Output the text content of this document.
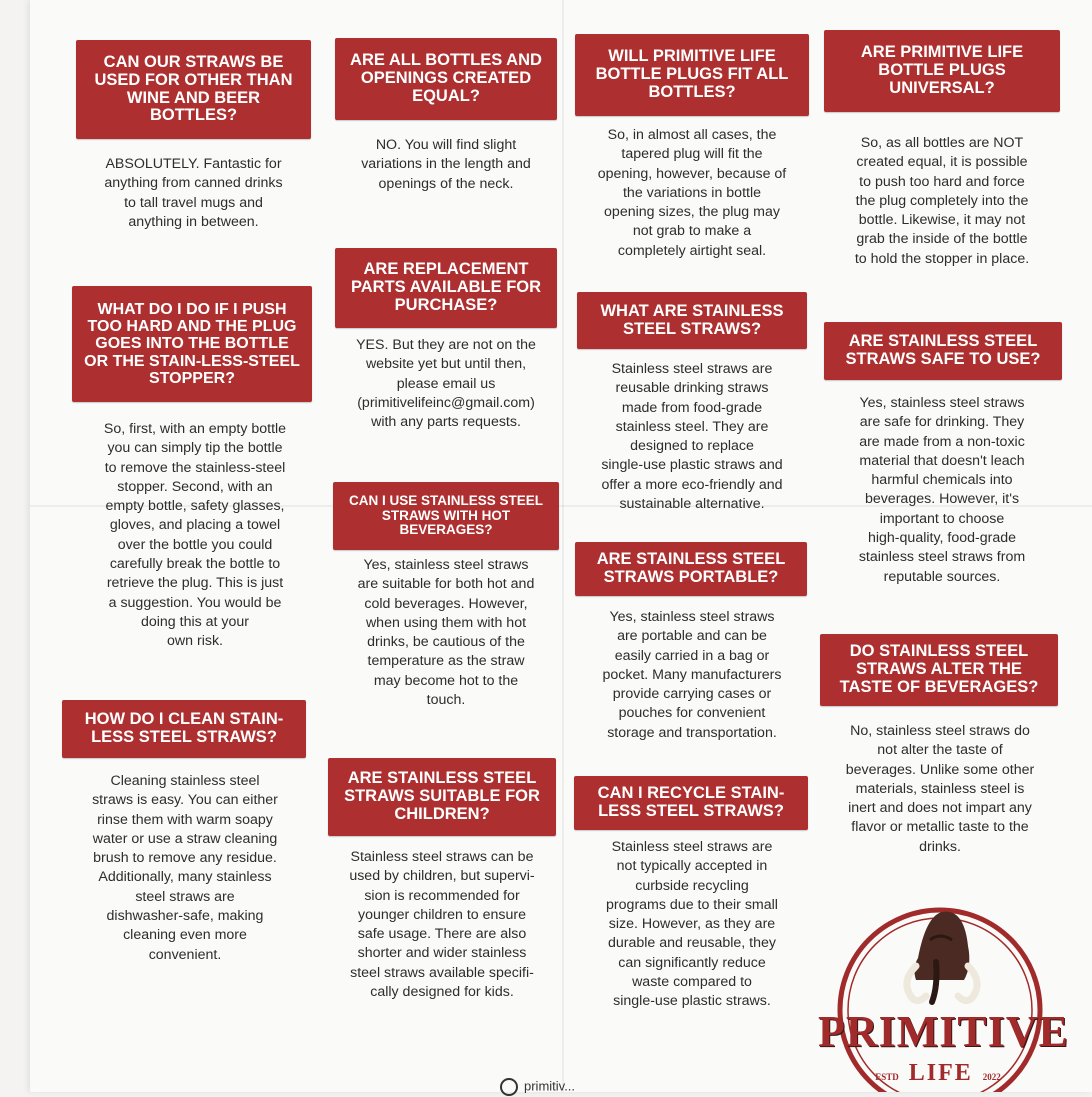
CAN OUR STRAWS BE USED FOR OTHER THAN WINE AND BEER BOTTLES?
ABSOLUTELY. Fantastic for
anything from canned drinks
to tall travel mugs and
anything in between.
WHAT DO I DO IF I PUSH TOO HARD AND THE PLUG GOES INTO THE BOTTLE OR THE STAIN-LESS-STEEL STOPPER?
So, first, with an empty bottle
you can simply tip the bottle
to remove the stainless-steel
stopper. Second, with an
empty bottle, safety glasses,
gloves, and placing a towel
over the bottle you could
carefully break the bottle to
retrieve the plug. This is just
a suggestion. You would be
doing this at your
own risk.
HOW DO I CLEAN STAIN-LESS STEEL STRAWS?
Cleaning stainless steel
straws is easy. You can either
rinse them with warm soapy
water or use a straw cleaning
brush to remove any residue.
Additionally, many stainless
steel straws are
dishwasher-safe, making
cleaning even more
convenient.
ARE ALL BOTTLES AND OPENINGS CREATED EQUAL?
NO. You will find slight
variations in the length and
openings of the neck.
ARE REPLACEMENT PARTS AVAILABLE FOR PURCHASE?
YES. But they are not on the
website yet but until then,
please email us
(primitivelifeinc@gmail.com)
with any parts requests.
CAN I USE STAINLESS STEEL STRAWS WITH HOT BEVERAGES?
Yes, stainless steel straws
are suitable for both hot and
cold beverages. However,
when using them with hot
drinks, be cautious of the
temperature as the straw
may become hot to the
touch.
ARE STAINLESS STEEL STRAWS SUITABLE FOR CHILDREN?
Stainless steel straws can be
used by children, but supervi-
sion is recommended for
younger children to ensure
safe usage. There are also
shorter and wider stainless
steel straws available specifi-
cally designed for kids.
WILL PRIMITIVE LIFE BOTTLE PLUGS FIT ALL BOTTLES?
So, in almost all cases, the
tapered plug will fit the
opening, however, because of
the variations in bottle
opening sizes, the plug may
not grab to make a
completely airtight seal.
WHAT ARE STAINLESS STEEL STRAWS?
Stainless steel straws are
reusable drinking straws
made from food-grade
stainless steel. They are
designed to replace
single-use plastic straws and
offer a more eco-friendly and
sustainable alternative.
ARE STAINLESS STEEL STRAWS PORTABLE?
Yes, stainless steel straws
are portable and can be
easily carried in a bag or
pocket. Many manufacturers
provide carrying cases or
pouches for convenient
storage and transportation.
CAN I RECYCLE STAIN-LESS STEEL STRAWS?
Stainless steel straws are
not typically accepted in
curbside recycling
programs due to their small
size. However, as they are
durable and reusable, they
can significantly reduce
waste compared to
single-use plastic straws.
ARE PRIMITIVE LIFE BOTTLE PLUGS UNIVERSAL?
So, as all bottles are NOT
created equal, it is possible
to push too hard and force
the plug completely into the
bottle. Likewise, it may not
grab the inside of the bottle
to hold the stopper in place.
ARE STAINLESS STEEL STRAWS SAFE TO USE?
Yes, stainless steel straws
are safe for drinking. They
are made from a non-toxic
material that doesn't leach
harmful chemicals into
beverages. However, it's
important to choose
high-quality, food-grade
stainless steel straws from
reputable sources.
DO STAINLESS STEEL STRAWS ALTER THE TASTE OF BEVERAGES?
No, stainless steel straws do
not alter the taste of
beverages. Unlike some other
materials, stainless steel is
inert and does not impart any
flavor or metallic taste to the
drinks.
PRIMITIVE
ESTD LIFE 2022
primitiv...
